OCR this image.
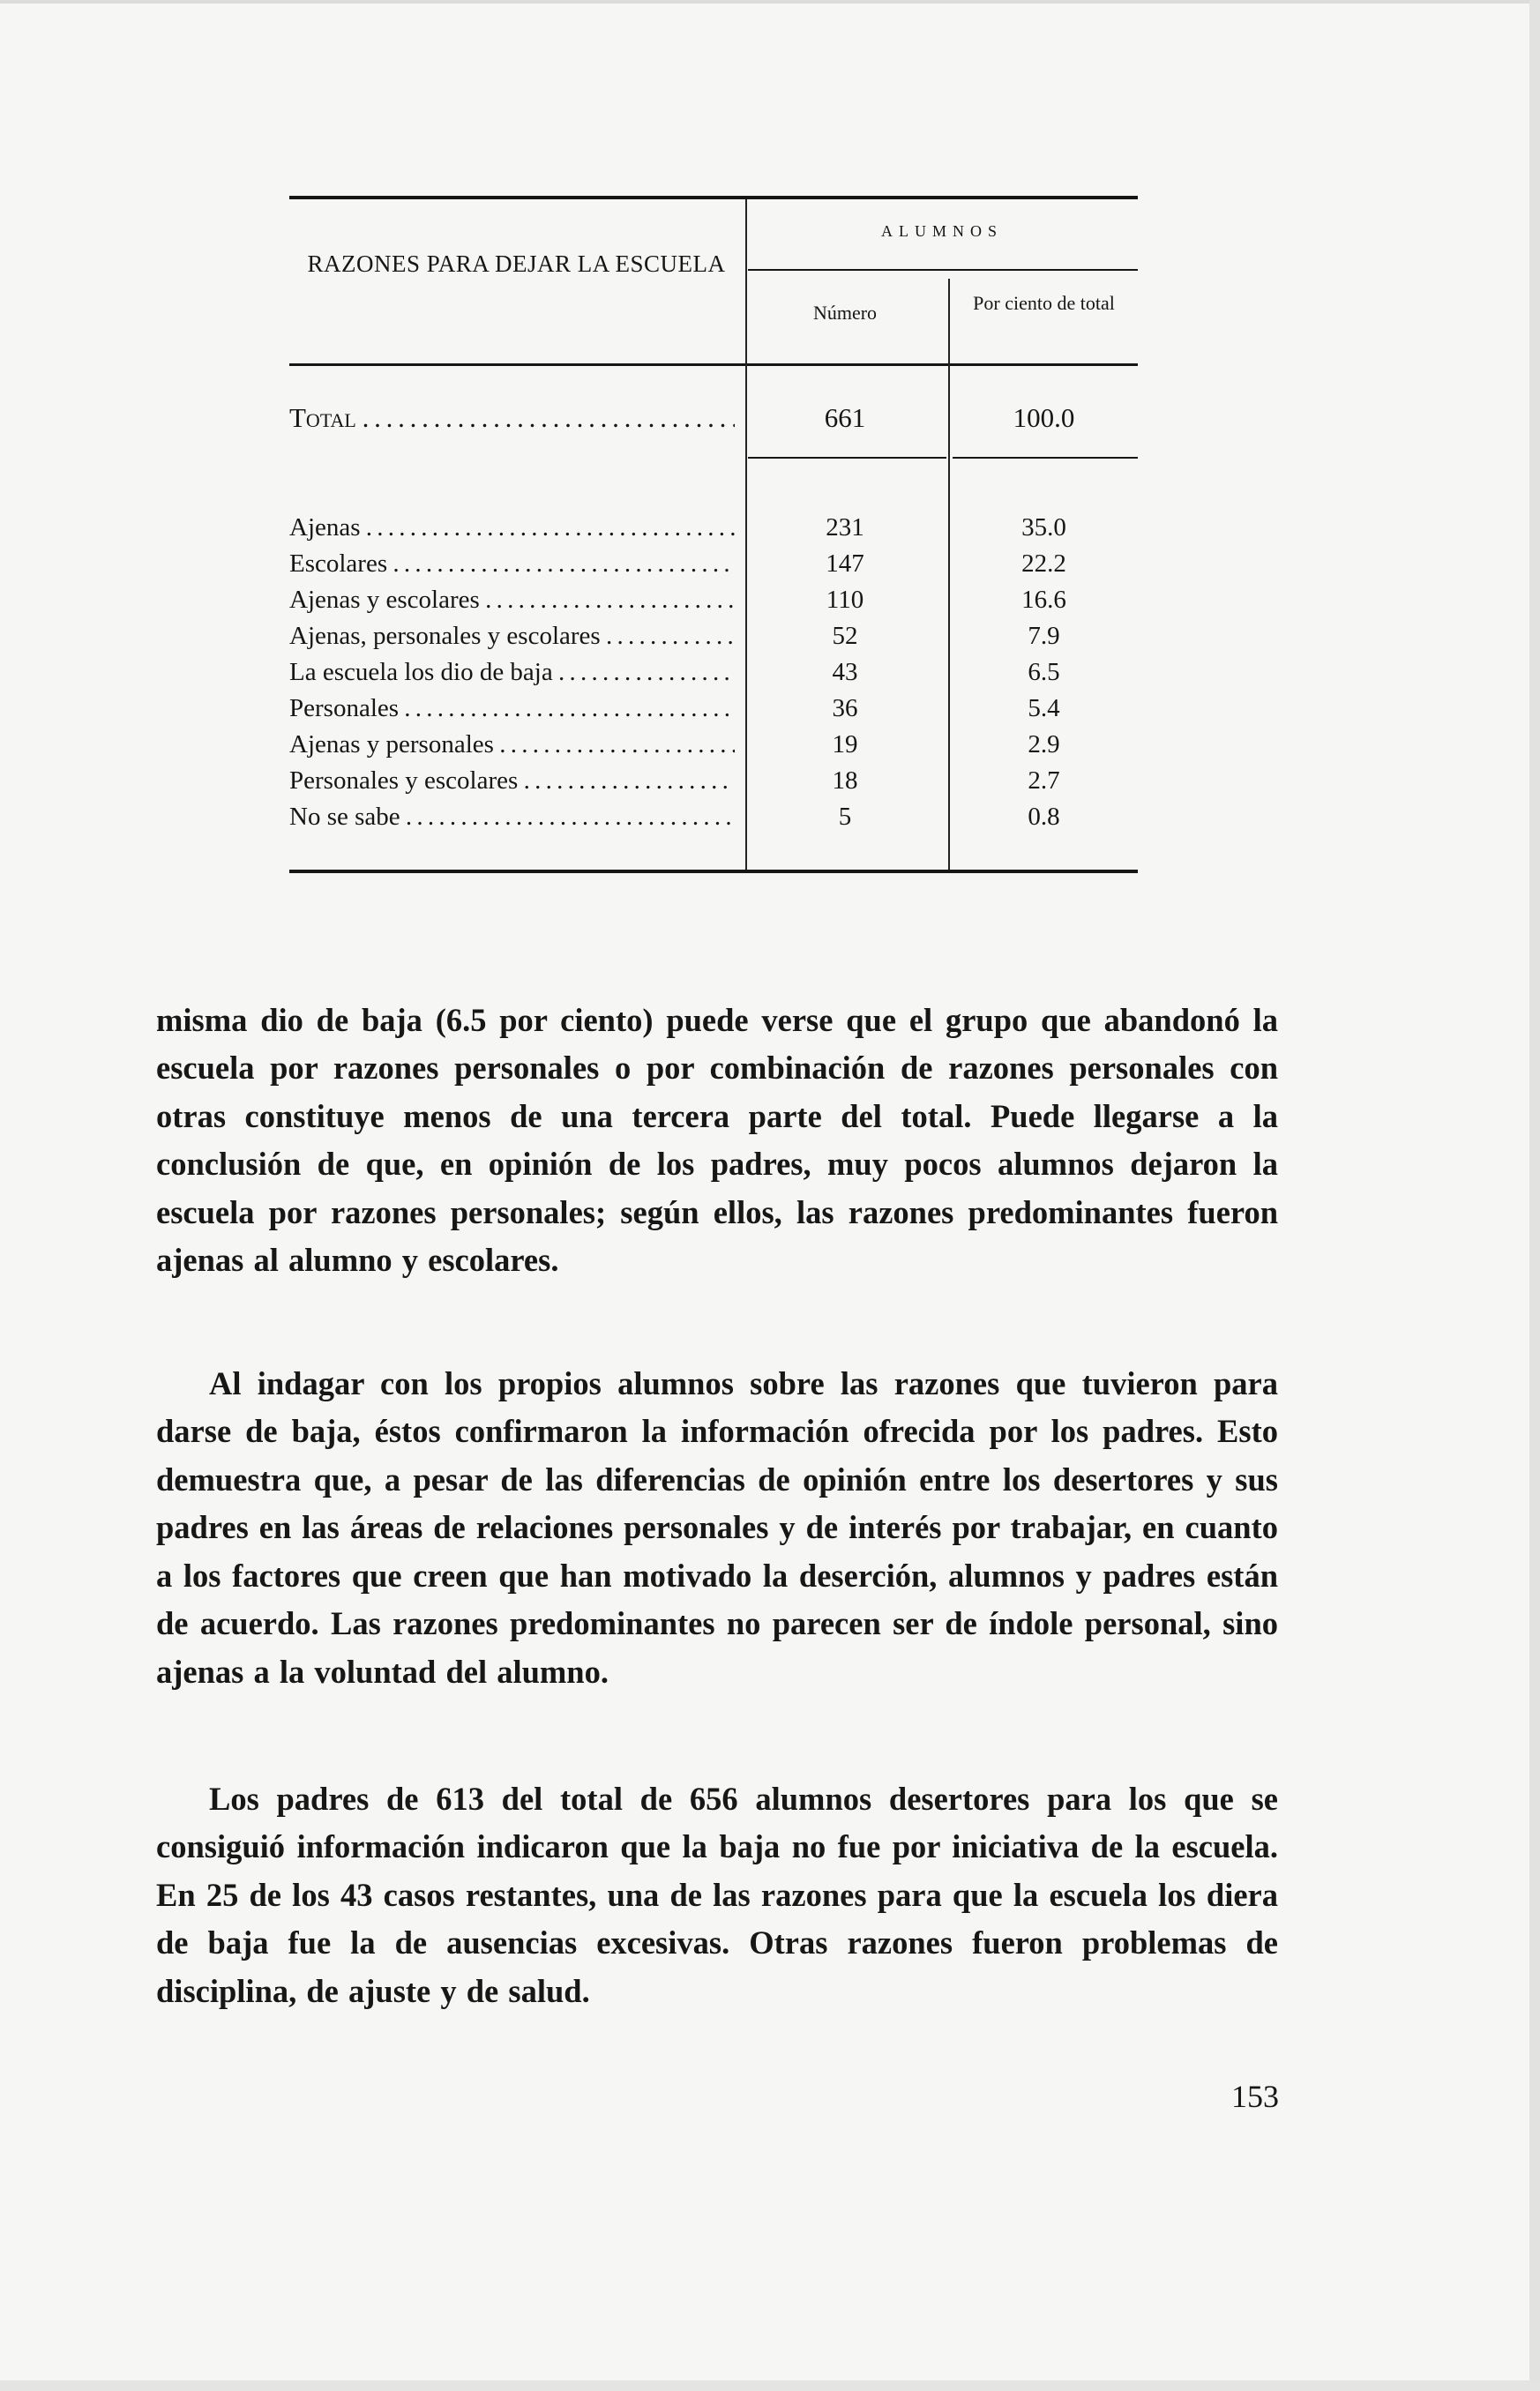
RAZONES PARA DEJAR LA ESCUELA
ALUMNOS
Número	Por ciento de total
Total . . .	661	100.0
Ajenas . . .	231	35.0
Escolares . . .	147	22.2
Ajenas y escolares . . .	110	16.6
Ajenas, personales y escolares . . .	52	7.9
La escuela los dio de baja . . .	43	6.5
Personales . . .	36	5.4
Ajenas y personales . . .	19	2.9
Personales y escolares . . .	18	2.7
No se sabe . . .	5	0.8

misma dio de baja (6.5 por ciento) puede verse que el grupo que abandonó la escuela por razones personales o por combinación de razones personales con otras constituye menos de una tercera parte del total. Puede llegarse a la conclusión de que, en opinión de los padres, muy pocos alumnos dejaron la escuela por razones personales; según ellos, las razones predominantes fueron ajenas al alumno y escolares.

Al indagar con los propios alumnos sobre las razones que tuvieron para darse de baja, éstos confirmaron la información ofrecida por los padres. Esto demuestra que, a pesar de las diferencias de opinión entre los desertores y sus padres en las áreas de relaciones personales y de interés por trabajar, en cuanto a los factores que creen que han motivado la deserción, alumnos y padres están de acuerdo. Las razones predominantes no parecen ser de índole personal, sino ajenas a la voluntad del alumno.

Los padres de 613 del total de 656 alumnos desertores para los que se consiguió información indicaron que la baja no fue por iniciativa de la escuela. En 25 de los 43 casos restantes, una de las razones para que la escuela los diera de baja fue la de ausencias excesivas. Otras razones fueron problemas de disciplina, de ajuste y de salud.

153
